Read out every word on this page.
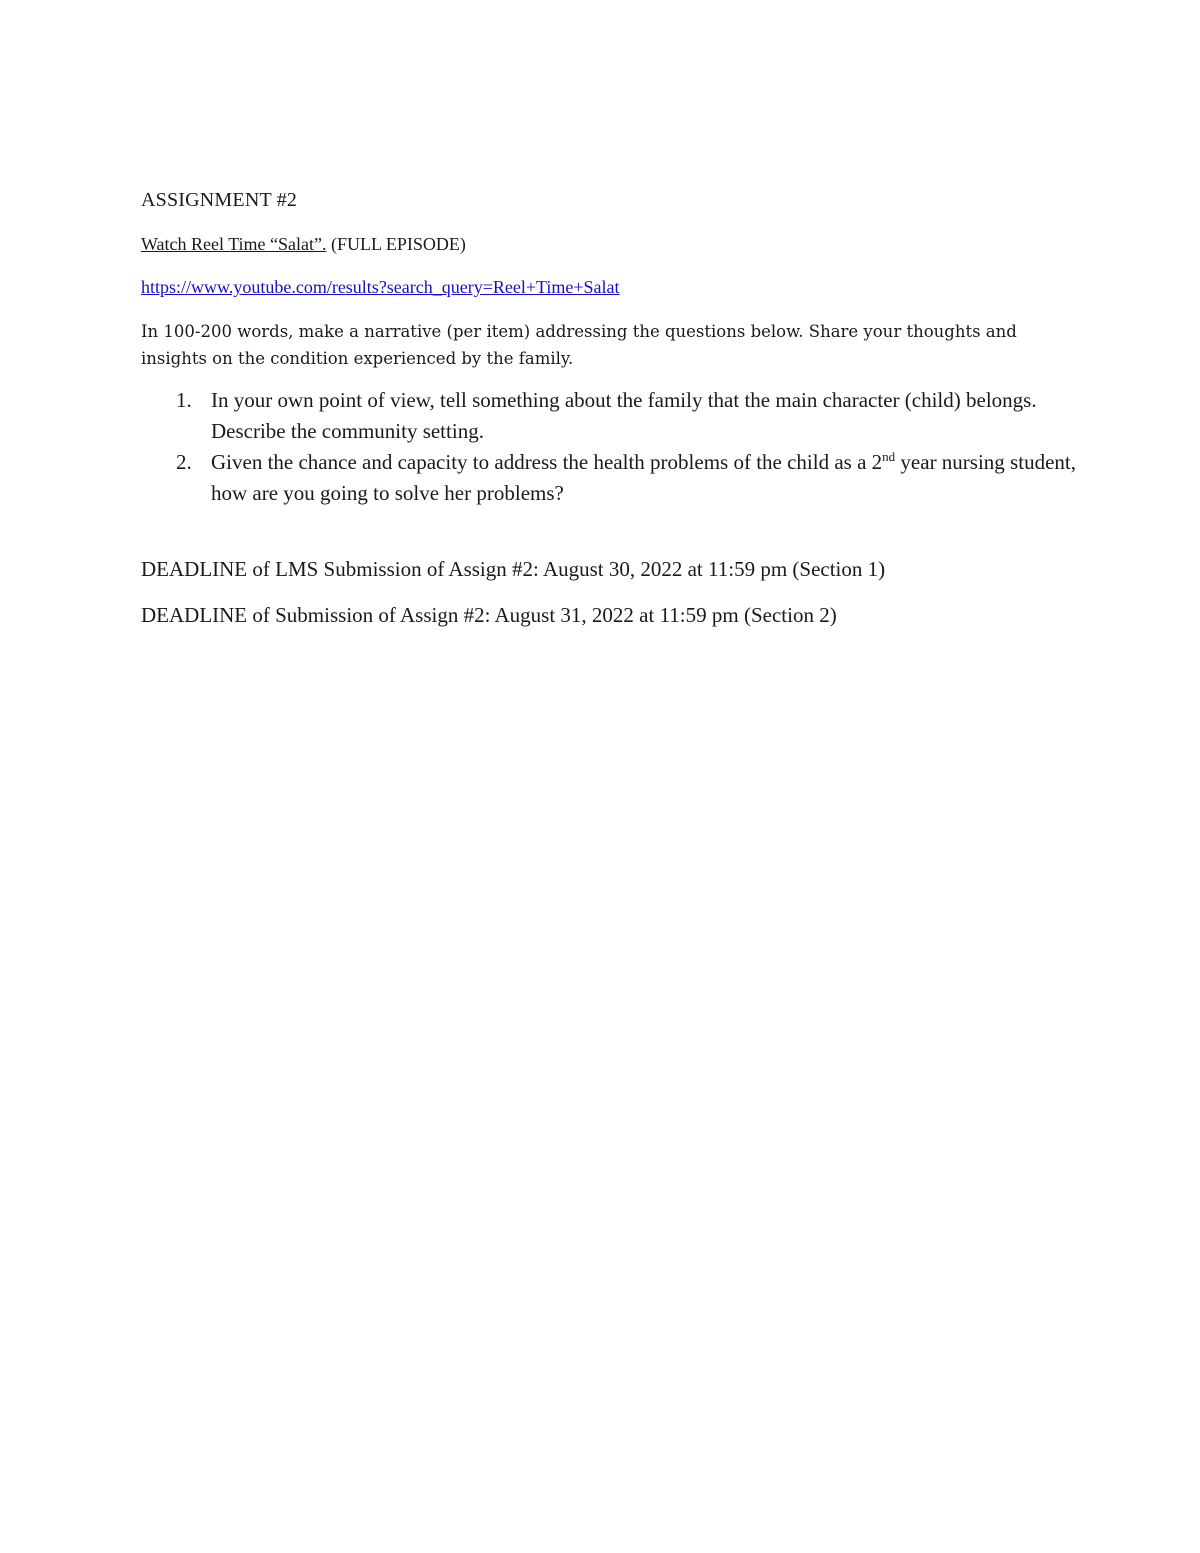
ASSIGNMENT #2
Watch Reel Time “Salat”. (FULL EPISODE)
https://www.youtube.com/results?search_query=Reel+Time+Salat
In 100-200 words, make a narrative (per item) addressing the questions below. Share your thoughts and insights on the condition experienced by the family.
1. In your own point of view, tell something about the family that the main character (child) belongs. Describe the community setting.
2. Given the chance and capacity to address the health problems of the child as a 2nd year nursing student, how are you going to solve her problems?
DEADLINE of LMS Submission of Assign #2: August 30, 2022 at 11:59 pm (Section 1)
DEADLINE of Submission of Assign #2: August 31, 2022 at 11:59 pm (Section 2)
